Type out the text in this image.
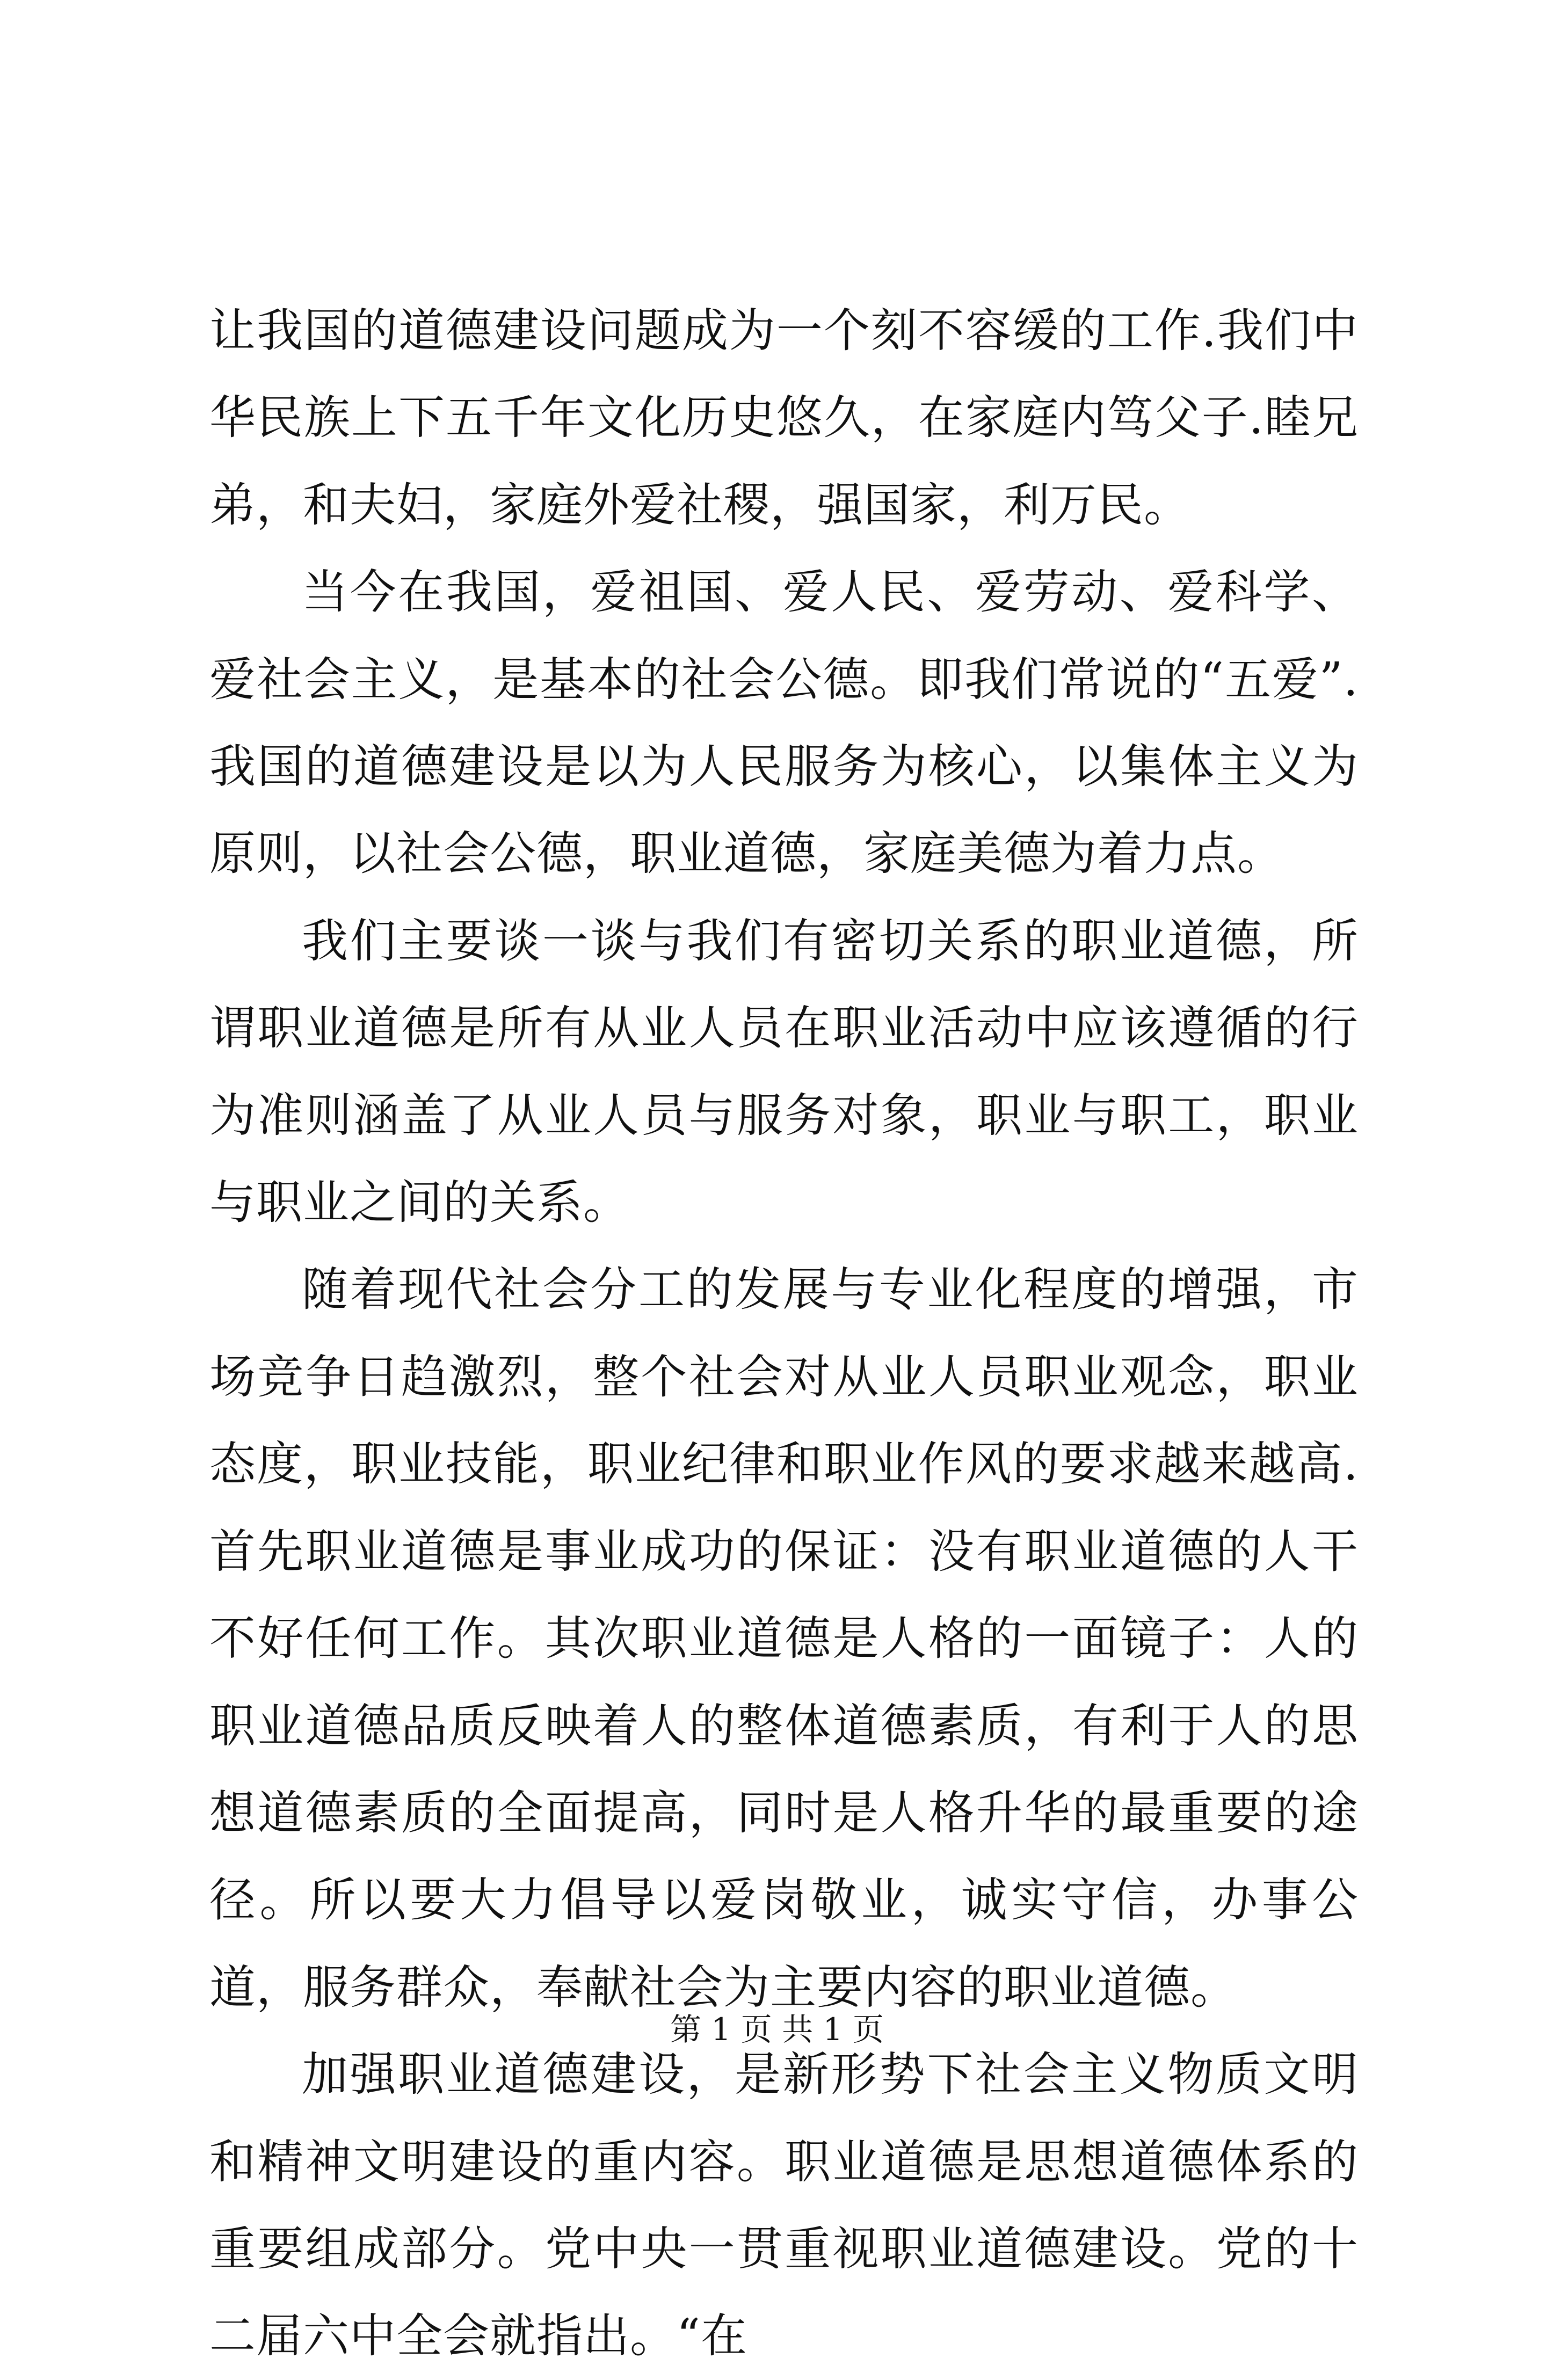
让我国的道德建设问题成为一个刻不容缓的工作.我们中华民族上下五千年文化历史悠久，在家庭内笃父子.睦兄弟，和夫妇，家庭外爱社稷，强国家，利万民。

当今在我国，爱祖国、爱人民、爱劳动、爱科学、爱社会主义，是基本的社会公德。即我们常说的“五爱”.我国的道德建设是以为人民服务为核心，以集体主义为原则，以社会公德，职业道德，家庭美德为着力点。

我们主要谈一谈与我们有密切关系的职业道德，所谓职业道德是所有从业人员在职业活动中应该遵循的行为准则涵盖了从业人员与服务对象，职业与职工，职业与职业之间的关系。

随着现代社会分工的发展与专业化程度的增强，市场竞争日趋激烈，整个社会对从业人员职业观念，职业态度，职业技能，职业纪律和职业作风的要求越来越高.首先职业道德是事业成功的保证：没有职业道德的人干不好任何工作。其次职业道德是人格的一面镜子：人的职业道德品质反映着人的整体道德素质，有利于人的思想道德素质的全面提高，同时是人格升华的最重要的途径。所以要大力倡导以爱岗敬业，诚实守信，办事公道，服务群众，奉献社会为主要内容的职业道德。

加强职业道德建设，是新形势下社会主义物质文明和精神文明建设的重内容。职业道德是思想道德体系的重要组成部分。党中央一贯重视职业道德建设。党的十二届六中全会就指出。“在

第 1 页 共 1 页
